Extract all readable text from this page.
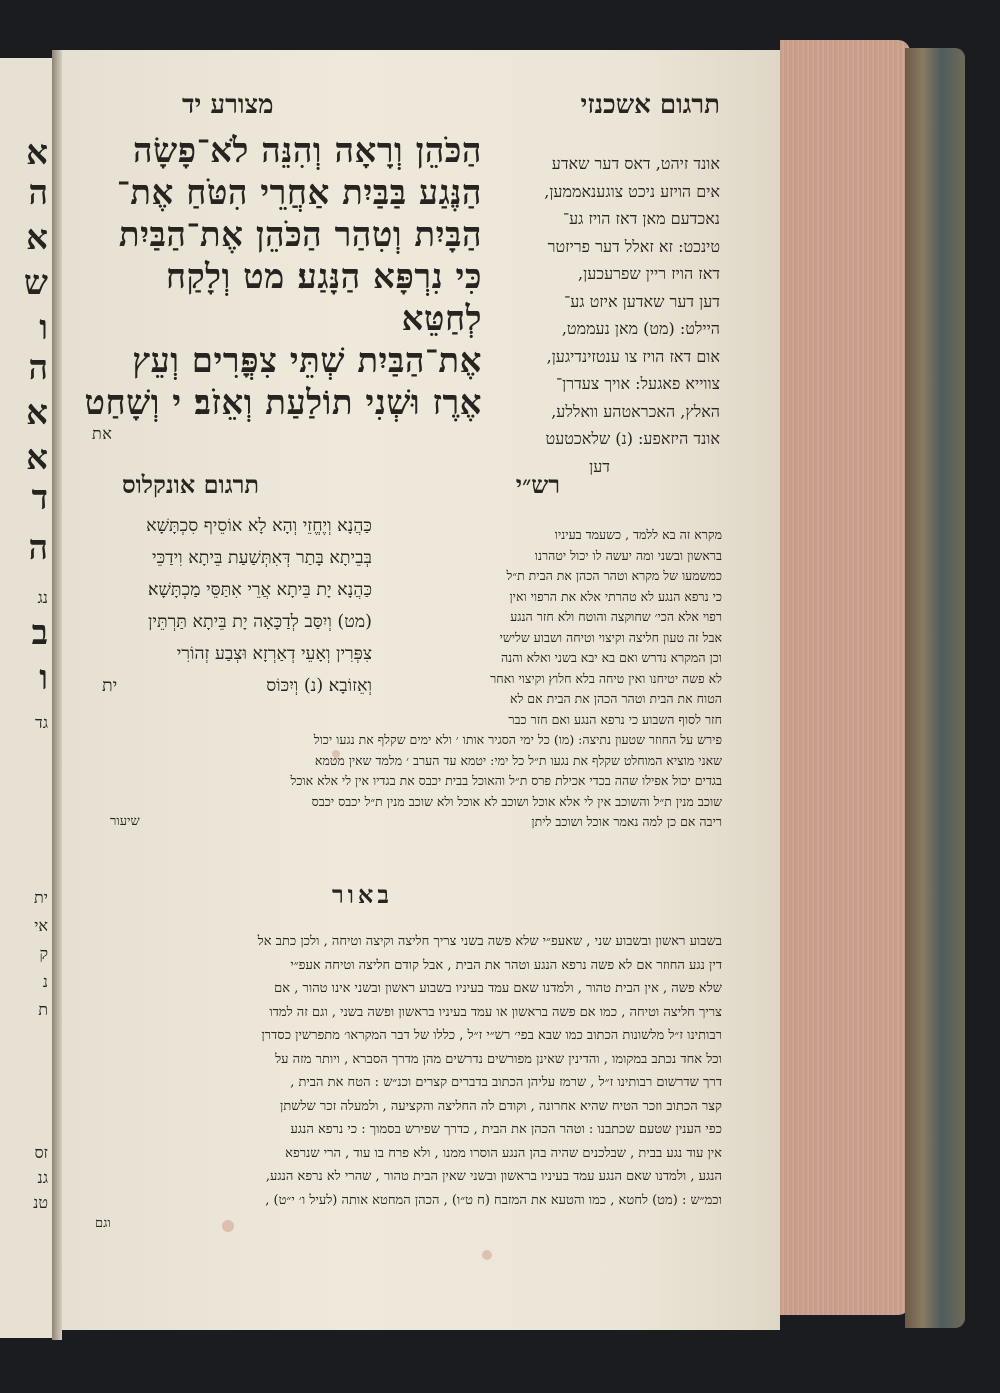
א
ה
א
ש
ו
ה
א
א
ד
ה
נג
ב
ו
גד
ית
אי
ק
נ
ת
זס
גנ
טנ
תרגום אשכנזי
מצורע יד
הַכֹּהֵן וְרָאָה וְהִנֵּה לֹא־פָשָׂה
הַנֶּגַע בַּבַּיִת אַחֲרֵי הִטֹּחַ אֶת־
הַבָּיִת וְטִהַר הַכֹּהֵן אֶת־הַבַּיִת
כִּי נִרְפָּא הַנָּגַע׃ מט וְלָקַח לְחַטֵּא
אֶת־הַבַּיִת שְׁתֵּי צִפֳּרִים וְעֵץ
אֶרֶז וּשְׁנִי תוֹלַעַת וְאֵזֹב׃ י וְשָׁחַט
את
אונד זיהט, דאס דער שאדע
אים הויזע ניכט צוגענאממען,
נאכדעם מאן דאז הויז גע־
טינכט: זא זאלל דער פריזטר
דאז הויז ריין שפרעכען,
דען דער שאדען איזט גע־
היילט: (מט) מאן נעממט,
אום דאז הויז צו ענטזינדיגען,
צווייא פאגעל: אויך צעדרן־
האלץ, האכראטהע וואללע,
אונד היזאפע: (נ) שלאכטעט
דען
תרגום אונקלוס	רש״י
כַּהֲנָא וְיֶחֱזֵי וְהָא לָא אוֹסֵיף סִכְתָּשָׁא
בְּבֵיתָא בָּתַר דְּאִתְּשַׁעַת בֵּיתָא וִידַכֵּי
כַּהֲנָא יָת בֵּיתָא אֲרֵי אִתַּסֵּי מַכְתָּשָׁא׃
(מט) וְיִסַּב לְדַכָּאָה יָת בֵּיתָא תַּרְתֵּין
צִפְּרִין וְאָעֵי דְאַרְזָא וּצְבַע זְהוֹרִי
וְאֵזוֹבָא׃ (נ) וְיִכּוֹס
ית
מקרא זה בא ללמד , כשעמד בעיניו
בראשון ובשני ומה יעשה לו יכול יטהרנו
כמשמעו של מקרא וטהר הכהן את הבית ת״ל
כי נרפא הנגע לא טהרתי אלא את הרפוי ואין
רפוי אלא הכי׳ שחוקצה והוטח ולא חזר הנגע
אבל זה טעון חליצה וקיצוי וטיחה ושבוע שלישי
וכן המקרא נדרש ואם בא יבא בשני ואלא והנה
לא פשה יטיחנו ואין טיחה בלא חלוץ וקיצוי ואחר
הטוח את הבית וטהר הכהן את הבית אם לא
חזר לסוף השבוע כי נרפא הנגע ואם חזר כבר
פירש על החוזר שטעון נתיצה: (מו) כל ימי הסגיר אותו ׳ ולא ימים שקלף את נגעו יכול
שאני מוציא המוחלט שקלף את נגעו ת״ל כל ימי: יטמא עד הערב ׳ מלמד שאין מטמא
בגדים יכול אפילו שהה בכדי אכילת פרס ת״ל והאוכל בבית יכבס את בגדיו אין לי אלא אוכל
שוכב מנין ת״ל והשוכב אין לי אלא אוכל ושוכב לא אוכל ולא שוכב מנין ת״ל יכבס יכבס
ריבה אם כן למה נאמר אוכל ושוכב ליתן
שיעור
באור
בשבוע ראשון ובשבוע שני , שאעפ״י שלא פשה בשני צריך חליצה וקיצה וטיחה , ולכן כתב אל
דין נגע החוזר אם לא פשה נרפא הנגע וטהר את הבית , אבל קודם חליצה וטיחה אעפ״י
שלא פשה , אין הבית טהור , ולמדנו שאם עמד בעיניו בשבוע ראשון ובשני אינו טהור , אם
צריך חליצה וטיחה , כמו אם פשה בראשון או עמד בעיניו בראשון ופשה בשני , וגם זה למדו
רבותינו ז״ל מלשונות הכתוב כמו שבא בפי׳ רש״י ז״ל , כללו של דבר המקראו׳ מתפרשין כסדרן
וכל אחד נכתב במקומו , והדינין שאינן מפורשים נדרשים מהן מדרך הסברא , ויותר מזה על
דרך שדרשום רבותינו ז״ל , שרמז עליהן הכתוב בדברים קצרים וכנ״ש : הטח את הבית ,
קצר הכתוב וזכר הטיח שהיא אחרונה , וקודם לה החליצה והקציעה , ולמעלה זכר שלשתן
כפי הענין שטעם שכתבנו : וטהר הכהן את הבית , כדרך שפירש בסמוך : כי נרפא הנגע
אין עוד נגע בבית , שבלכנים שהיה בהן הנגע הוסרו ממנו , ולא פרח בו עוד , הרי שנרפא
הנגע , ולמדנו שאם הנגע עמד בעיניו בראשון ובשני שאין הבית טהור , שהרי לא נרפא הנגע,
וכמ״ש : (מט) לחטא , כמו והטעא את המזבח (ח ט״ו) , הכהן המחטא אותה (לעיל ו׳ י״ט) ,
וגם
